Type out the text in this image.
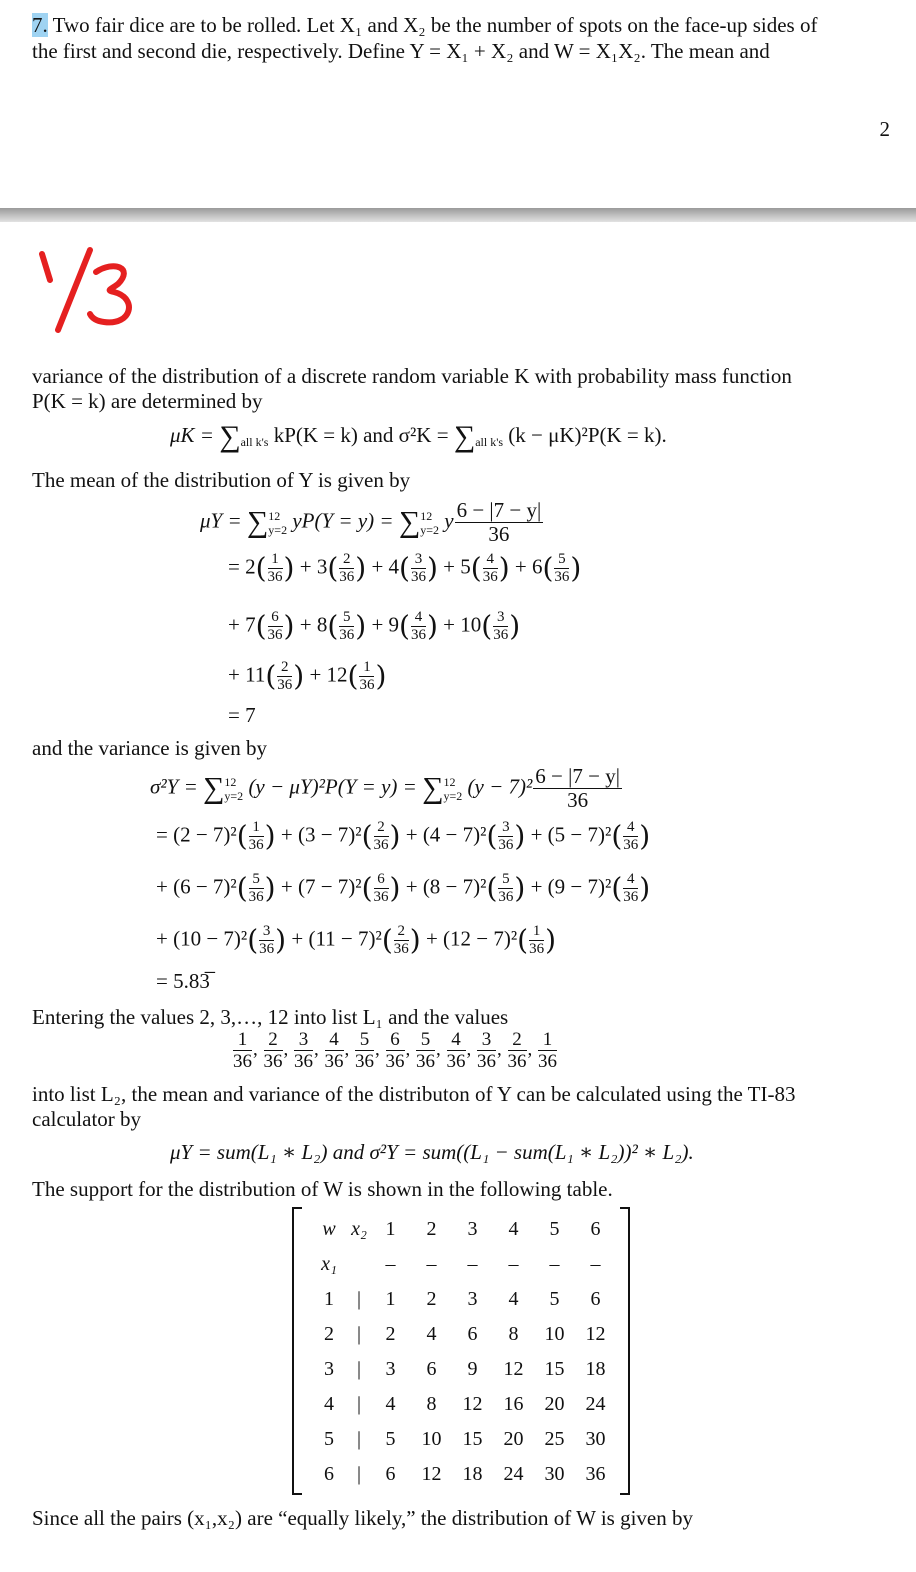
7. Two fair dice are to be rolled. Let X₁ and X₂ be the number of spots on the face-up sides of
the first and second die, respectively. Define Y = X₁ + X₂ and W = X₁X₂. The mean and
2
variance of the distribution of a discrete random variable K with probability mass function
P(K = k) are determined by
μK = ∑all k's kP(K = k) and σ²K = ∑all k's (k − μK)²P(K = k).
The mean of the distribution of Y is given by
μY = ∑12
y=2 yP(Y = y) = ∑12
y=2 y $\frac{6 - |7 - y|}{36}$
= $2( \frac{1}{36}$ ) + $3( \frac{2}{36}$ ) + $4( \frac{3}{36}$ ) + $5( \frac{4}{36}$ ) + $6( \frac{5}{36}$ )
+ $7( \frac{6}{36}$ ) + $8( \frac{5}{36}$ ) + $9( \frac{4}{36}$ ) + $10( \frac{3}{36}$ )
+ $11( \frac{2}{36}$ ) + $12( \frac{1}{36}$ )
= 7
and the variance is given by
σ²Y = ∑12
y=2 (y − μY)²P(Y = y) = ∑12
y=2 $(y - 7)^2 \frac{6 - |7 - y|}{36}$
= $(2 - 7)^2( \frac{1}{36}$ ) + $(3 - 7)^2( \frac{2}{36}$ ) + $(4 - 7)^2( \frac{3}{36}$ ) + $(5 - 7)^2( \frac{4}{36}$ )
+ $(6 - 7)^2( \frac{5}{36}$ ) + $(7 - 7)^2( \frac{6}{36}$ ) + $(8 - 7)^2( \frac{5}{36}$ ) + $(9 - 7)^2( \frac{4}{36}$ )
+ $(10 - 7)^2( \frac{3}{36}$ ) + $(11 - 7)^2( \frac{2}{36}$ ) + $(12 - 7)^2( \frac{1}{36}$ )
= 5.83̅
Entering the values 2, 3,…, 12 into list L₁ and the values
$\frac{1}{36}$ , $\frac{2}{36}$ , $\frac{3}{36}$ , $\frac{4}{36}$ , $\frac{5}{36}$ , $\frac{6}{36}$ , $\frac{5}{36}$ , $\frac{4}{36}$ , $\frac{3}{36}$ , $\frac{2}{36}$ , $\frac{1}{36}$
into list L₂, the mean and variance of the distributon of Y can be calculated using the TI-83
calculator by
μY = sum(L₁ ∗ L₂) and σ²Y = sum((L₁ − sum(L₁ ∗ L₂))² ∗ L₂).
The support for the distribution of W is shown in the following table.
w	x₂	1	2	3	4	5	6
x₁		–	–	–	–	–	–
1	|	1	2	3	4	5	6
2	|	2	4	6	8	10	12
3	|	3	6	9	12	15	18
4	|	4	8	12	16	20	24
5	|	5	10	15	20	25	30
6	|	6	12	18	24	30	36
Since all the pairs (x₁,x₂) are “equally likely,” the distribution of W is given by
